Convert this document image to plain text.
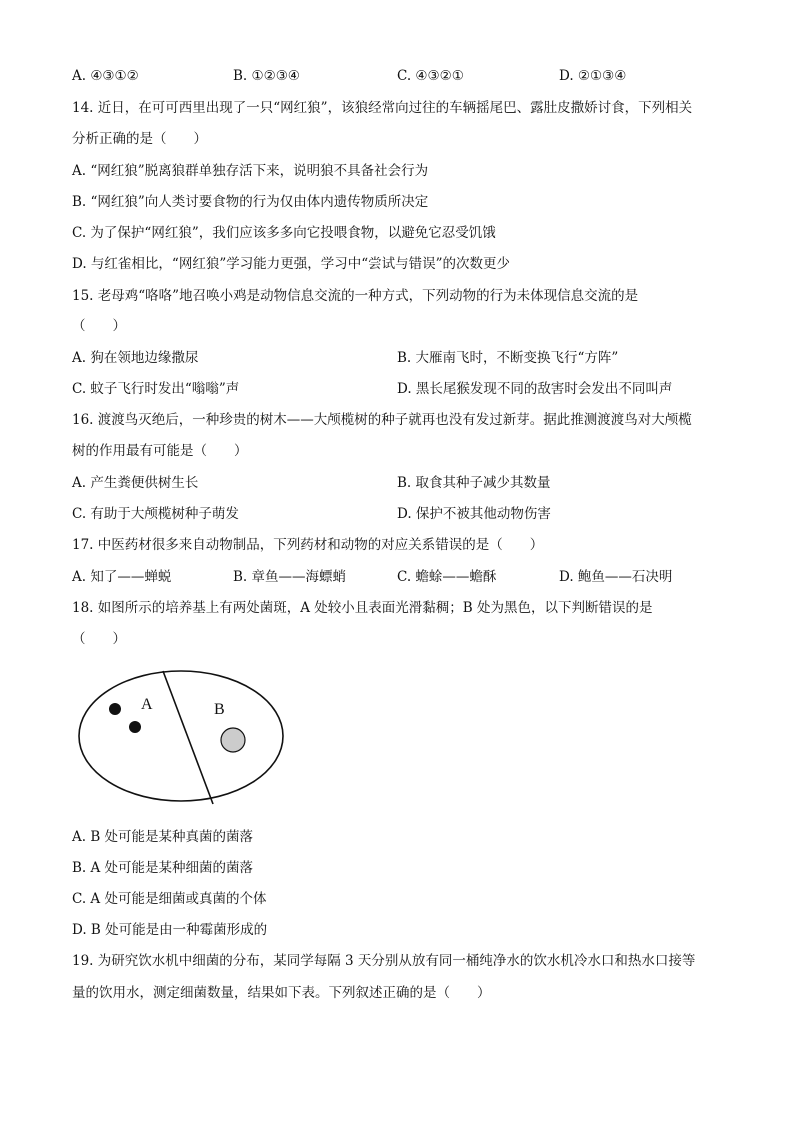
A. ④③①②	B. ①②③④	C. ④③②①	D. ②①③④
14. 近日，在可可西里出现了一只“网红狼”，该狼经常向过往的车辆摇尾巴、露肚皮撒娇讨食，下列相关
分析正确的是（　　）
A. “网红狼”脱离狼群单独存活下来，说明狼不具备社会行为
B. “网红狼”向人类讨要食物的行为仅由体内遗传物质所决定
C. 为了保护“网红狼”，我们应该多多向它投喂食物，以避免它忍受饥饿
D. 与红雀相比，“网红狼”学习能力更强，学习中“尝试与错误”的次数更少
15. 老母鸡“咯咯”地召唤小鸡是动物信息交流的一种方式，下列动物的行为未体现信息交流的是
（　　）
A. 狗在领地边缘撒尿	B. 大雁南飞时，不断变换飞行“方阵”
C. 蚊子飞行时发出“嗡嗡”声	D. 黑长尾猴发现不同的敌害时会发出不同叫声
16. 渡渡鸟灭绝后，一种珍贵的树木——大颅榄树的种子就再也没有发过新芽。据此推测渡渡鸟对大颅榄
树的作用最有可能是（　　）
A. 产生粪便供树生长	B. 取食其种子减少其数量
C. 有助于大颅榄树种子萌发	D. 保护不被其他动物伤害
17. 中医药材很多来自动物制品，下列药材和动物的对应关系错误的是（　　）
A. 知了——蝉蜕	B. 章鱼——海螵蛸	C. 蟾蜍——蟾酥	D. 鲍鱼——石决明
18. 如图所示的培养基上有两处菌斑，A 处较小且表面光滑黏稠；B 处为黑色，以下判断错误的是
（　　）
A	B
A. B 处可能是某种真菌的菌落
B. A 处可能是某种细菌的菌落
C. A 处可能是细菌或真菌的个体
D. B 处可能是由一种霉菌形成的
19. 为研究饮水机中细菌的分布，某同学每隔 3 天分别从放有同一桶纯净水的饮水机冷水口和热水口接等
量的饮用水，测定细菌数量，结果如下表。下列叙述正确的是（　　）
